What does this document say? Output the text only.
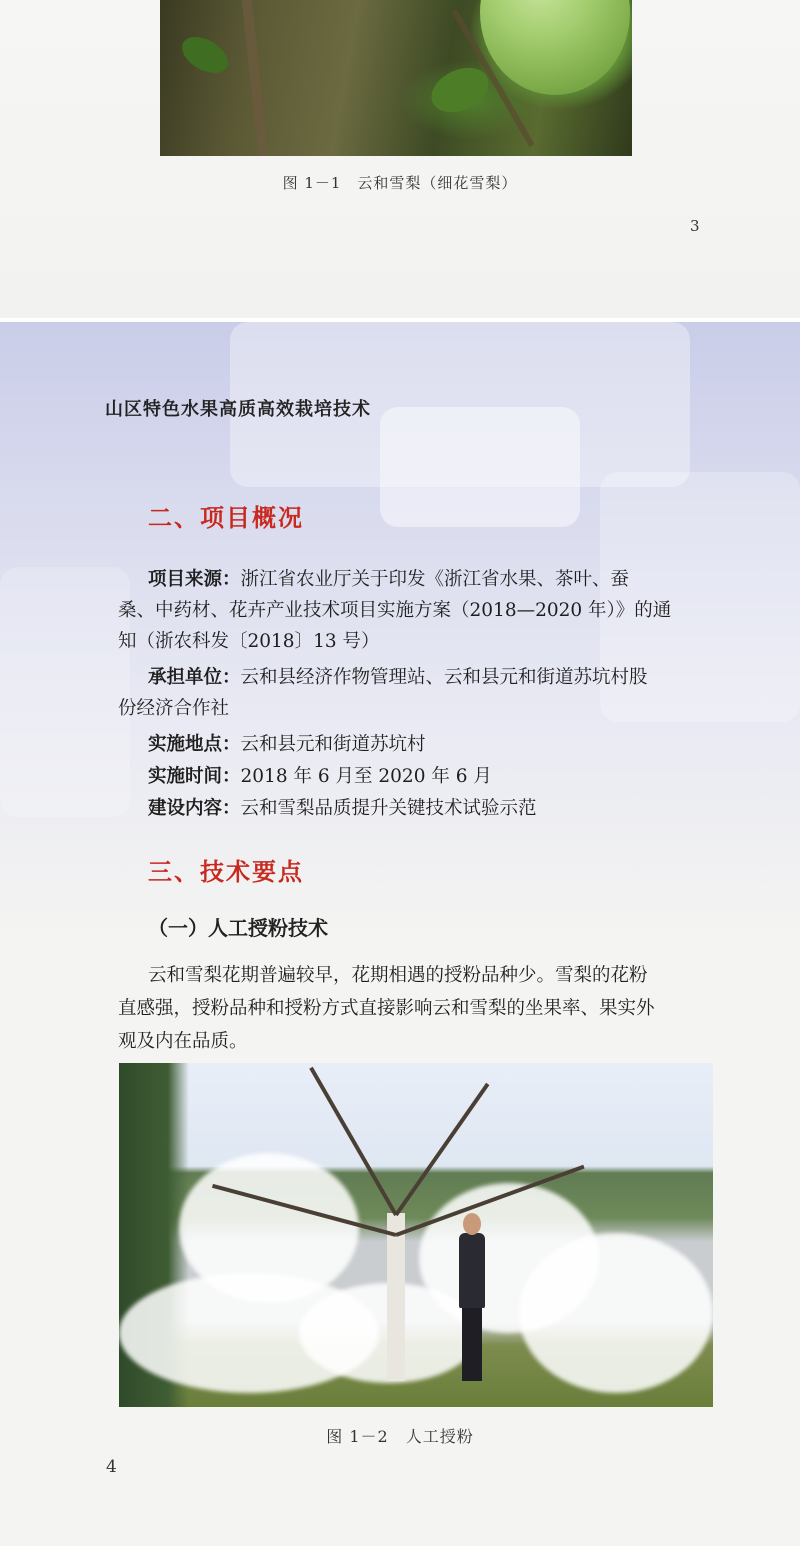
图 1－1　云和雪梨（细花雪梨）
3
山区特色水果高质高效栽培技术
二、项目概况
项目来源：浙江省农业厅关于印发《浙江省水果、茶叶、蚕
桑、中药材、花卉产业技术项目实施方案（2018—2020 年）》的通
知（浙农科发〔2018〕13 号）
承担单位：云和县经济作物管理站、云和县元和街道苏坑村股
份经济合作社
实施地点：云和县元和街道苏坑村
实施时间：2018 年 6 月至 2020 年 6 月
建设内容：云和雪梨品质提升关键技术试验示范
三、技术要点
（一）人工授粉技术
云和雪梨花期普遍较早，花期相遇的授粉品种少。雪梨的花粉
直感强，授粉品种和授粉方式直接影响云和雪梨的坐果率、果实外
观及内在品质。
图 1－2　人工授粉
4
